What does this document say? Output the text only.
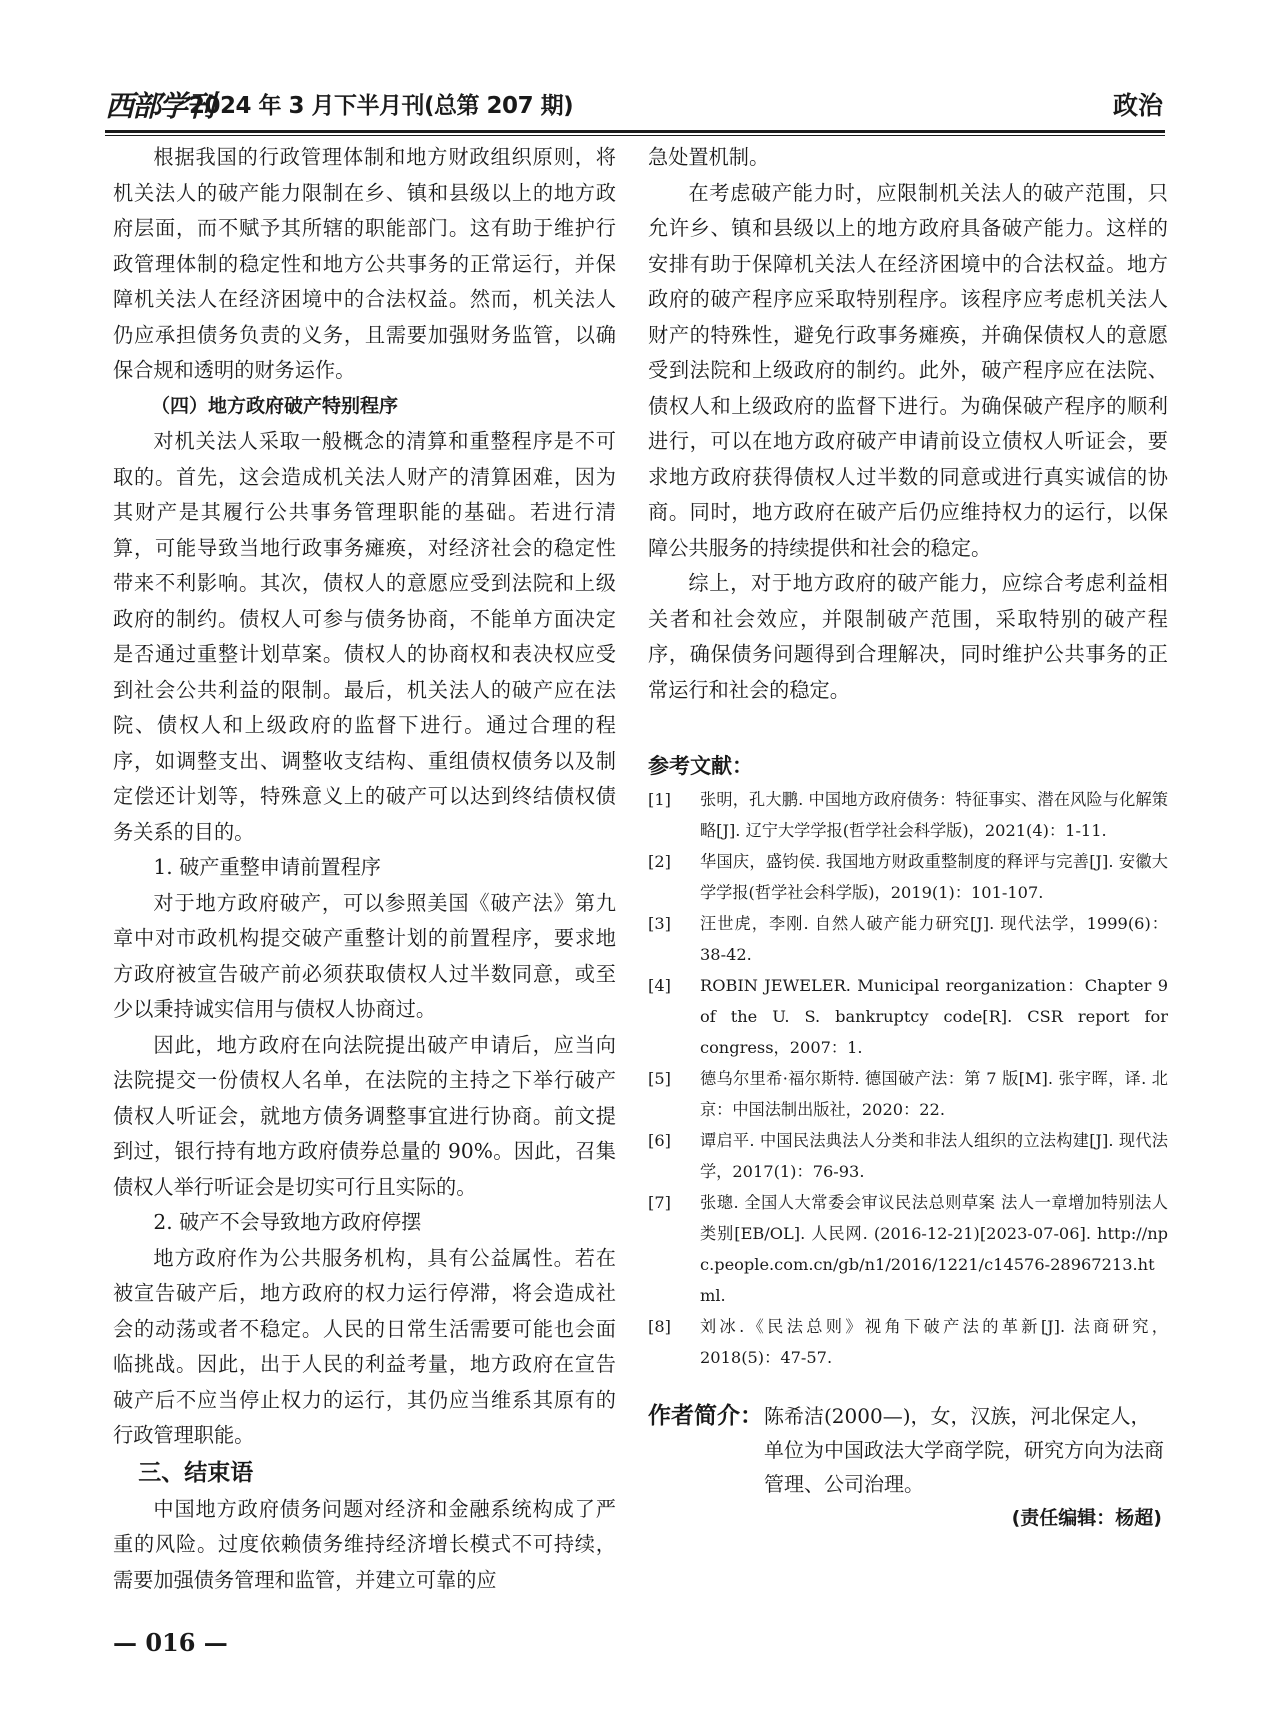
西部学刊
2024 年 3 月下半月刊(总第 207 期)	政治

根据我国的行政管理体制和地方财政组织原则，将机关法人的破产能力限制在乡、镇和县级以上的地方政府层面，而不赋予其所辖的职能部门。这有助于维护行政管理体制的稳定性和地方公共事务的正常运行，并保障机关法人在经济困境中的合法权益。然而，机关法人仍应承担债务负责的义务，且需要加强财务监管，以确保合规和透明的财务运作。

（四）地方政府破产特别程序

对机关法人采取一般概念的清算和重整程序是不可取的。首先，这会造成机关法人财产的清算困难，因为其财产是其履行公共事务管理职能的基础。若进行清算，可能导致当地行政事务瘫痪，对经济社会的稳定性带来不利影响。其次，债权人的意愿应受到法院和上级政府的制约。债权人可参与债务协商，不能单方面决定是否通过重整计划草案。债权人的协商权和表决权应受到社会公共利益的限制。最后，机关法人的破产应在法院、债权人和上级政府的监督下进行。通过合理的程序，如调整支出、调整收支结构、重组债权债务以及制定偿还计划等，特殊意义上的破产可以达到终结债权债务关系的目的。

1. 破产重整申请前置程序

对于地方政府破产，可以参照美国《破产法》第九章中对市政机构提交破产重整计划的前置程序，要求地方政府被宣告破产前必须获取债权人过半数同意，或至少以秉持诚实信用与债权人协商过。

因此，地方政府在向法院提出破产申请后，应当向法院提交一份债权人名单，在法院的主持之下举行破产债权人听证会，就地方债务调整事宜进行协商。前文提到过，银行持有地方政府债券总量的 90%。因此，召集债权人举行听证会是切实可行且实际的。

2. 破产不会导致地方政府停摆

地方政府作为公共服务机构，具有公益属性。若在被宣告破产后，地方政府的权力运行停滞，将会造成社会的动荡或者不稳定。人民的日常生活需要可能也会面临挑战。因此，出于人民的利益考量，地方政府在宣告破产后不应当停止权力的运行，其仍应当维系其原有的行政管理职能。

三、结束语

中国地方政府债务问题对经济和金融系统构成了严重的风险。过度依赖债务维持经济增长模式不可持续，需要加强债务管理和监管，并建立可靠的应

急处置机制。

在考虑破产能力时，应限制机关法人的破产范围，只允许乡、镇和县级以上的地方政府具备破产能力。这样的安排有助于保障机关法人在经济困境中的合法权益。地方政府的破产程序应采取特别程序。该程序应考虑机关法人财产的特殊性，避免行政事务瘫痪，并确保债权人的意愿受到法院和上级政府的制约。此外，破产程序应在法院、债权人和上级政府的监督下进行。为确保破产程序的顺利进行，可以在地方政府破产申请前设立债权人听证会，要求地方政府获得债权人过半数的同意或进行真实诚信的协商。同时，地方政府在破产后仍应维持权力的运行，以保障公共服务的持续提供和社会的稳定。

综上，对于地方政府的破产能力，应综合考虑利益相关者和社会效应，并限制破产范围，采取特别的破产程序，确保债务问题得到合理解决，同时维护公共事务的正常运行和社会的稳定。

参考文献：
[1] 张明，孔大鹏. 中国地方政府债务：特征事实、潜在风险与化解策略[J]. 辽宁大学学报(哲学社会科学版)，2021(4)：1-11.
[2] 华国庆，盛钧侯. 我国地方财政重整制度的释评与完善[J]. 安徽大学学报(哲学社会科学版)，2019(1)：101-107.
[3] 汪世虎，李刚. 自然人破产能力研究[J]. 现代法学，1999(6)：38-42.
[4] ROBIN JEWELER. Municipal reorganization：Chapter 9 of the U. S. bankruptcy code[R]. CSR report for congress，2007：1.
[5] 德乌尔里希·福尔斯特. 德国破产法：第 7 版[M]. 张宇晖，译. 北京：中国法制出版社，2020：22.
[6] 谭启平. 中国民法典法人分类和非法人组织的立法构建[J]. 现代法学，2017(1)：76-93.
[7] 张璁. 全国人大常委会审议民法总则草案 法人一章增加特别法人类别[EB/OL]. 人民网. (2016-12-21)[2023-07-06]. http://npc.people.com.cn/gb/n1/2016/1221/c14576-28967213.html.
[8] 刘冰.《民法总则》视角下破产法的革新[J]. 法商研究，2018(5)：47-57.
作者简介： 陈希洁(2000—)，女，汉族，河北保定人，单位为中国政法大学商学院，研究方向为法商管理、公司治理。
(责任编辑：杨超)
— 016 —
